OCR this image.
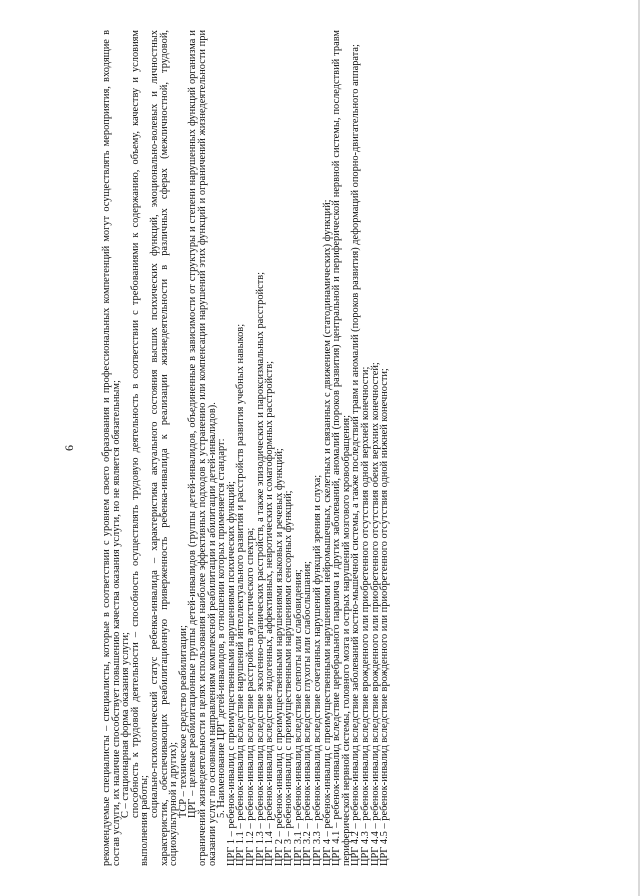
6 рекомендуемые специалисты – специалисты, которые в соответствии с уровнем своего образования и профессиональных компетенций могут осуществлять мероприятия, входящие в состав услуги, их наличие способствует повышению качества оказания услуги, но не является обязательным;

С – стационарная форма оказания услуги;

способность к трудовой деятельности – способность осуществлять трудовую деятельность в соответствии с требованиями к содержанию, объему, качеству и условиям выполнения работы;

социально-психологический статус ребенка-инвалида – характеристика актуального состояния высших психических функций, эмоционально-волевых и личностных характеристик, обеспечивающих реабилитационную приверженность ребенка-инвалида к реализации жизнедеятельности в различных сферах (межличностной, трудовой, социокультурной и других);

ТСР – техническое средство реабилитации;

ЦРГ – целевые реабилитационные группы детей-инвалидов (группы детей-инвалидов, объединенные в зависимости от структуры и степени нарушенных функций организма и ограничений жизнедеятельности в целях использования наиболее эффективных подходов к устранению или компенсации нарушений этих функций и ограничений жизнедеятельности при оказании услуг по основным направлениям комплексной реабилитации и абилитации детей-инвалидов).

5. Наименование ЦРГ детей-инвалидов, в отношении которых применяется стандарт:

ЦРГ 1 – ребенок-инвалид с преимущественными нарушениями психических функций;

ЦРГ 1.1 – ребенок-инвалид вследствие нарушений интеллектуального развития и расстройств развития учебных навыков;

ЦРГ 1.2 – ребенок-инвалид вследствие расстройств аутистического спектра;

ЦРГ 1.3 – ребенок-инвалид вследствие экзогенно-органических расстройств, а также эпизодических и пароксизмальных расстройств;

ЦРГ 1.4 – ребенок-инвалид вследствие эндогенных, аффективных, невротических и соматоформных расстройств;

ЦРГ 2 – ребенок-инвалид с преимущественными нарушениями языковых и речевых функций;

ЦРГ 3 – ребенок-инвалид с преимущественными нарушениями сенсорных функций;

ЦРГ 3.1 – ребенок-инвалид вследствие слепоты или слабовидения;

ЦРГ 3.2 – ребенок-инвалид вследствие глухоты или слабослышания;

ЦРГ 3.3 – ребенок-инвалид вследствие сочетанных нарушений функций зрения и слуха;

ЦРГ 4 – ребенок-инвалид с преимущественными нарушениями нейромышечных, скелетных и связанных с движением (статодинамических) функций;

ЦРГ 4.1 – ребенок-инвалид вследствие церебрального паралича и других заболеваний, аномалий (пороков развития) центральной и периферической нервной системы, последствий травм периферической нервной системы, головного мозга и острых нарушений мозгового кровообращения;

ЦРГ 4.2 – ребенок-инвалид вследствие заболеваний костно-мышечной системы, а также последствий травм и аномалий (пороков развития) деформаций опорно-двигательного аппарата;

ЦРГ 4.3 – ребенок-инвалид вследствие врожденного или приобретенного отсутствия одной верхней конечности;

ЦРГ 4.4 – ребенок-инвалид вследствие врожденного или приобретенного отсутствия обеих верхних конечностей;

ЦРГ 4.5 – ребенок-инвалид вследствие врожденного или приобретенного отсутствия одной нижней конечности;
